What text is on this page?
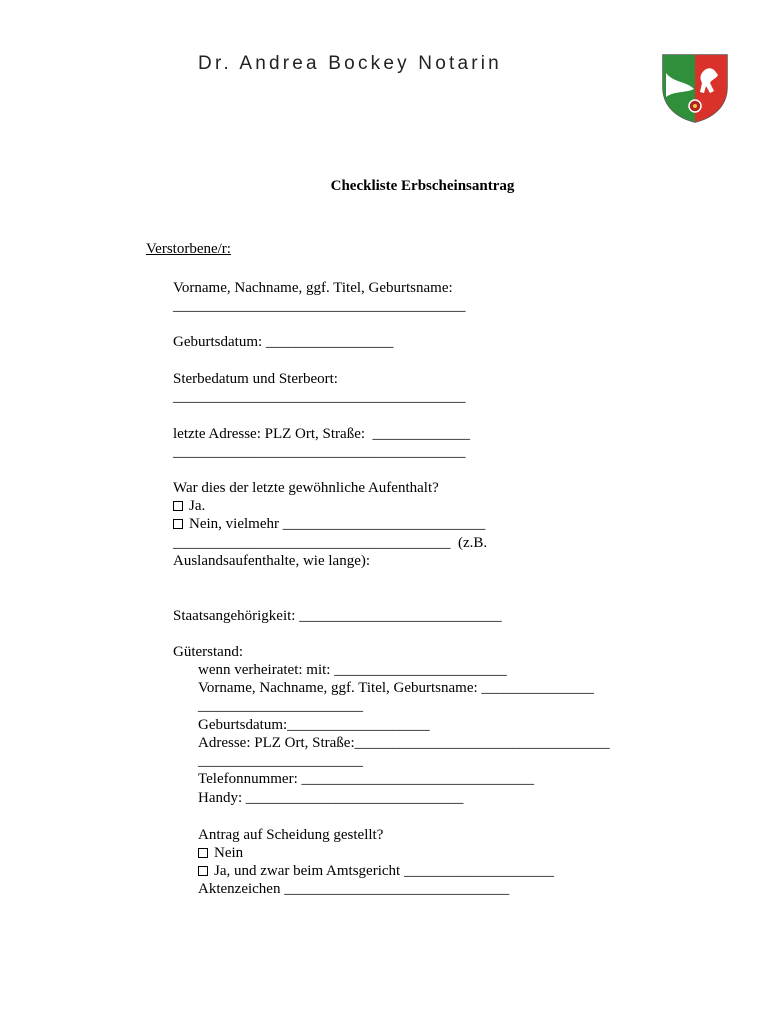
Dr. Andrea Bockey Notarin
Checkliste Erbscheinsantrag
Verstorbene/r:
Vorname, Nachname, ggf. Titel, Geburtsname:
_______________________________________
Geburtsdatum: _________________
Sterbedatum und Sterbeort:
_______________________________________
letzte Adresse: PLZ Ort, Straße:  _____________
_______________________________________
War dies der letzte gewöhnliche Aufenthalt?
Ja.
Nein, vielmehr ___________________________
_____________________________________  (z.B.
Auslandsaufenthalte, wie lange):
Staatsangehörigkeit: ___________________________
Güterstand:
wenn verheiratet: mit: _______________________
Vorname, Nachname, ggf. Titel, Geburtsname: _______________
______________________
Geburtsdatum:___________________
Adresse: PLZ Ort, Straße:__________________________________
______________________
Telefonnummer: _______________________________
Handy: _____________________________
Antrag auf Scheidung gestellt?
Nein
Ja, und zwar beim Amtsgericht ____________________
Aktenzeichen ______________________________
